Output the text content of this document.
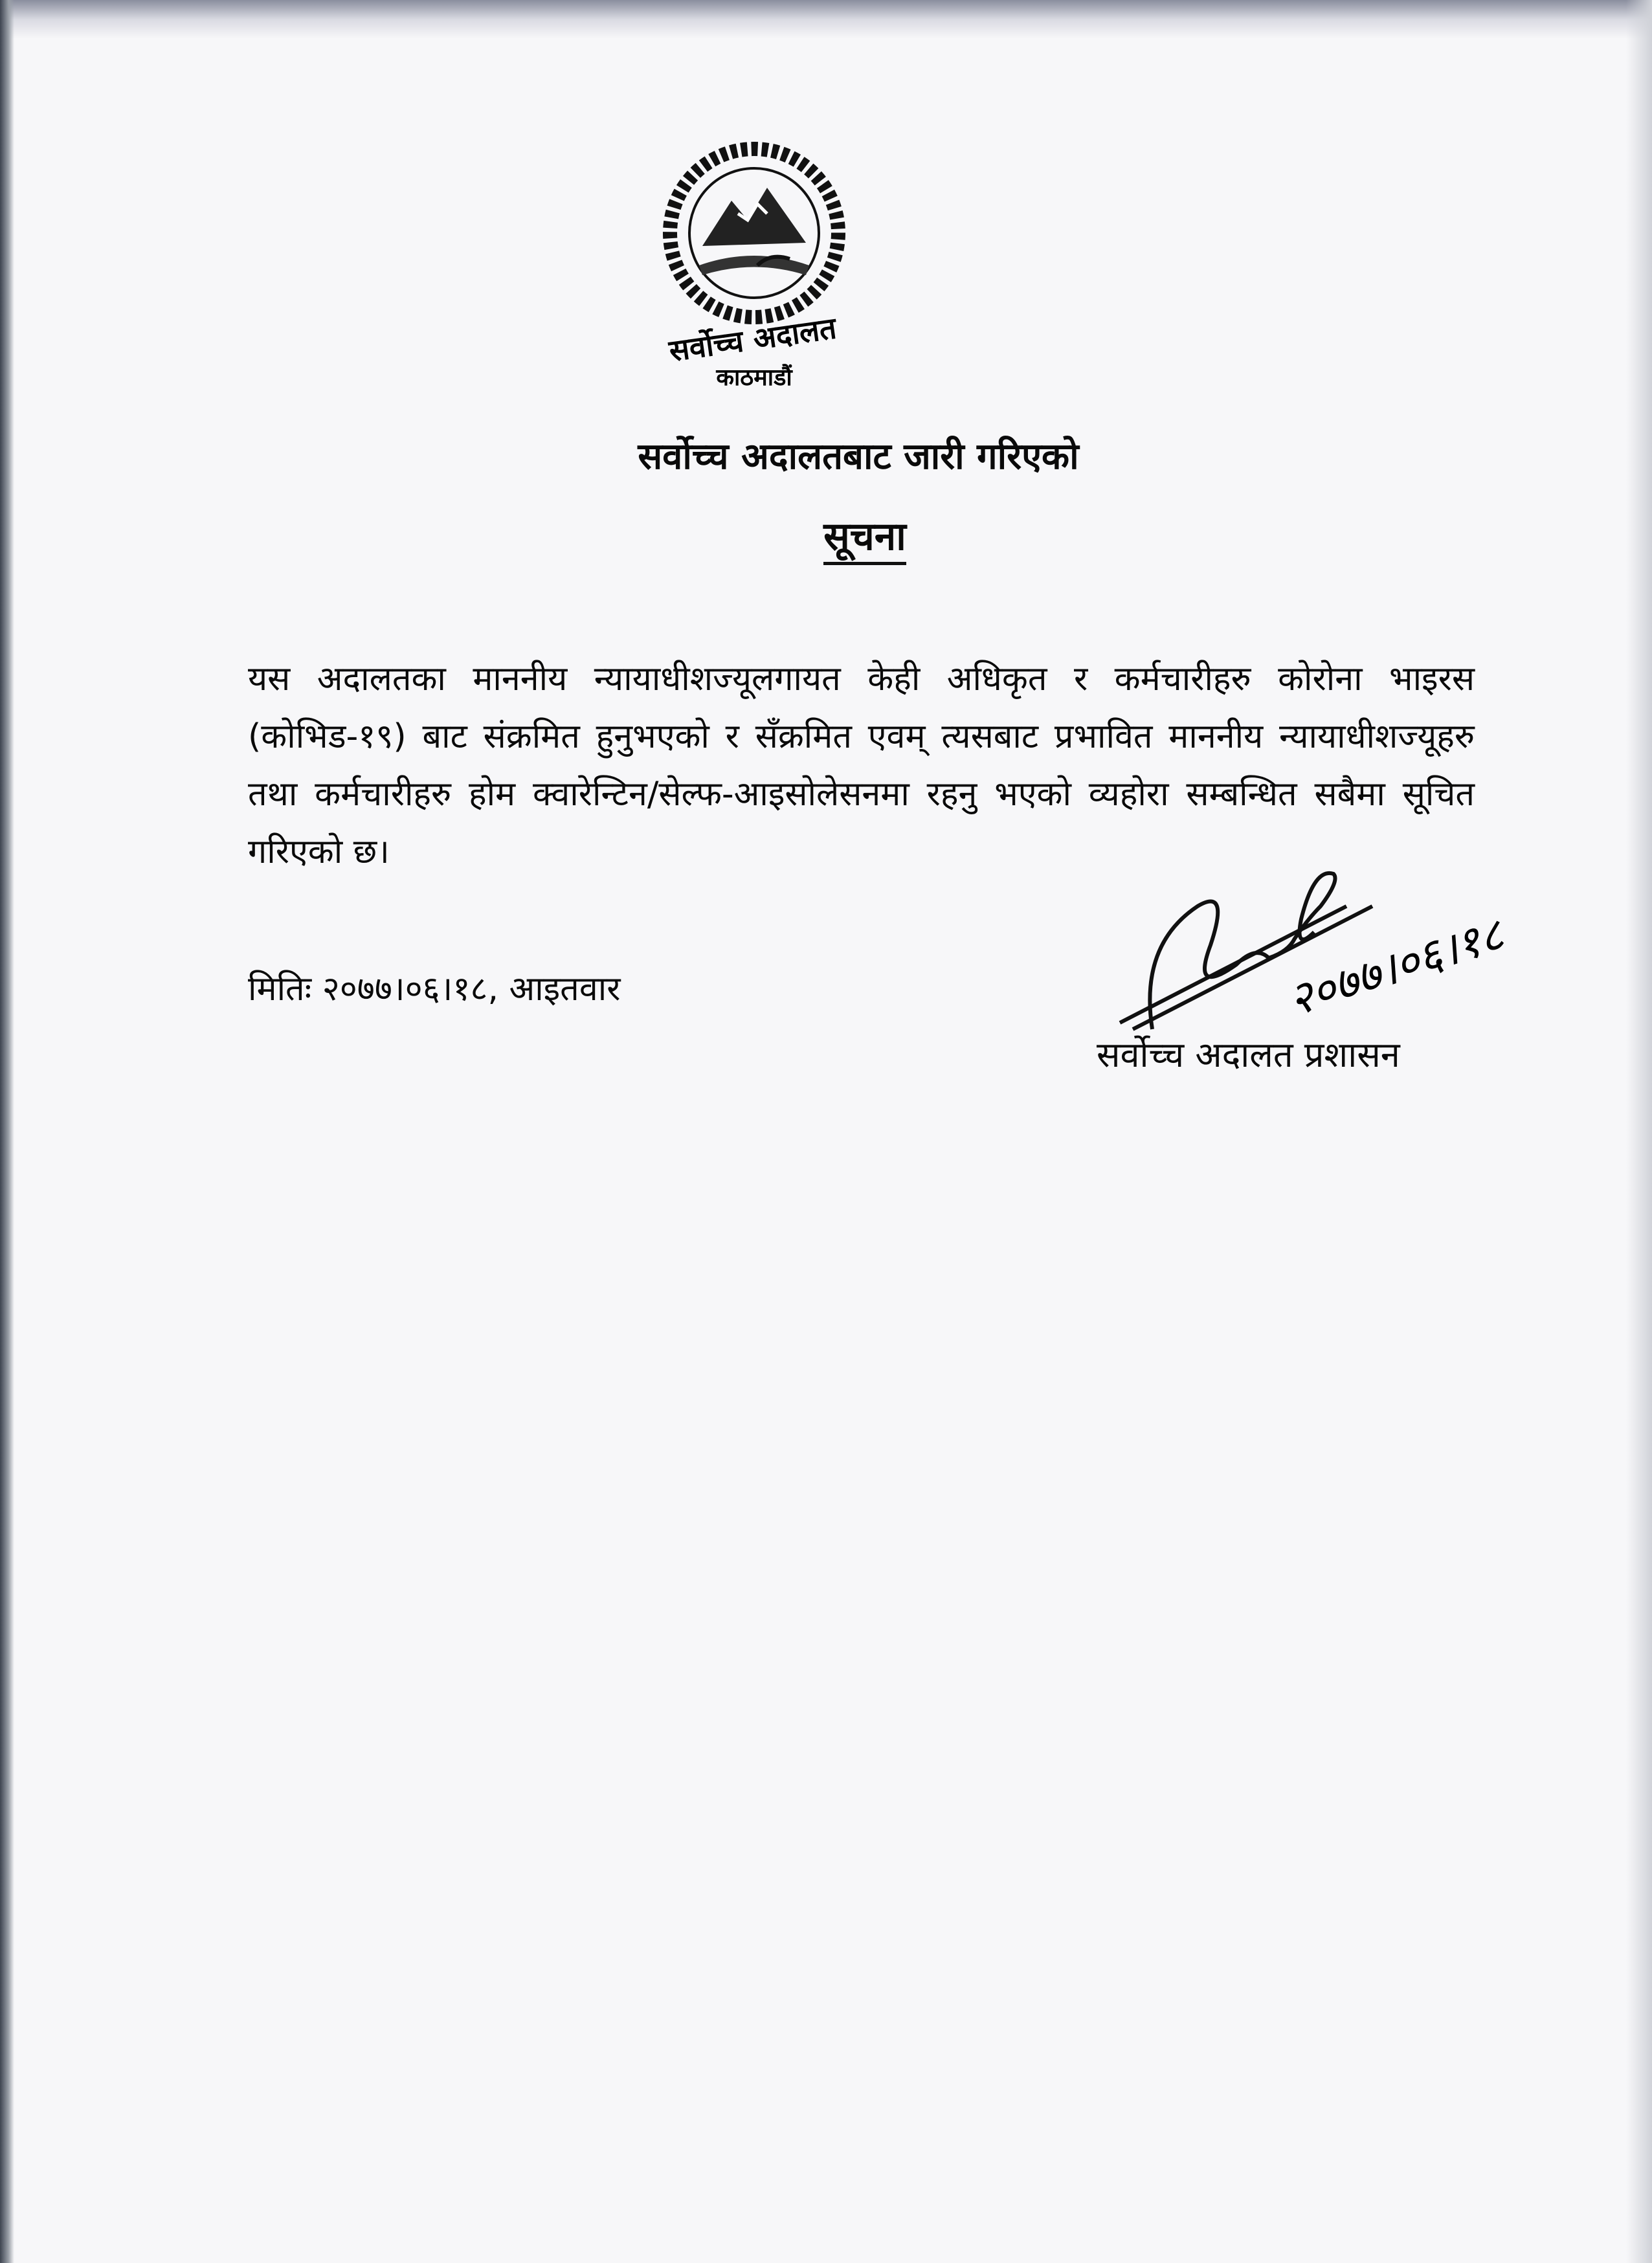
सर्वोच्च अदालत
काठमाडौं
सर्वोच्च अदालतबाट जारी गरिएको
सूचना
यस अदालतका माननीय न्यायाधीशज्यूलगायत केही अधिकृत र कर्मचारीहरु कोरोना भाइरस (कोभिड-१९) बाट संक्रमित हुनुभएको र सँक्रमित एवम् त्यसबाट प्रभावित माननीय न्यायाधीशज्यूहरु तथा कर्मचारीहरु होम क्वारेन्टिन/सेल्फ-आइसोलेसनमा रहनु भएको व्यहोरा सम्बन्धित सबैमा सूचित गरिएको छ।
मितिः २०७७।०६।१८, आइतवार	२०७७।०६।१८
सर्वोच्च अदालत प्रशासन
